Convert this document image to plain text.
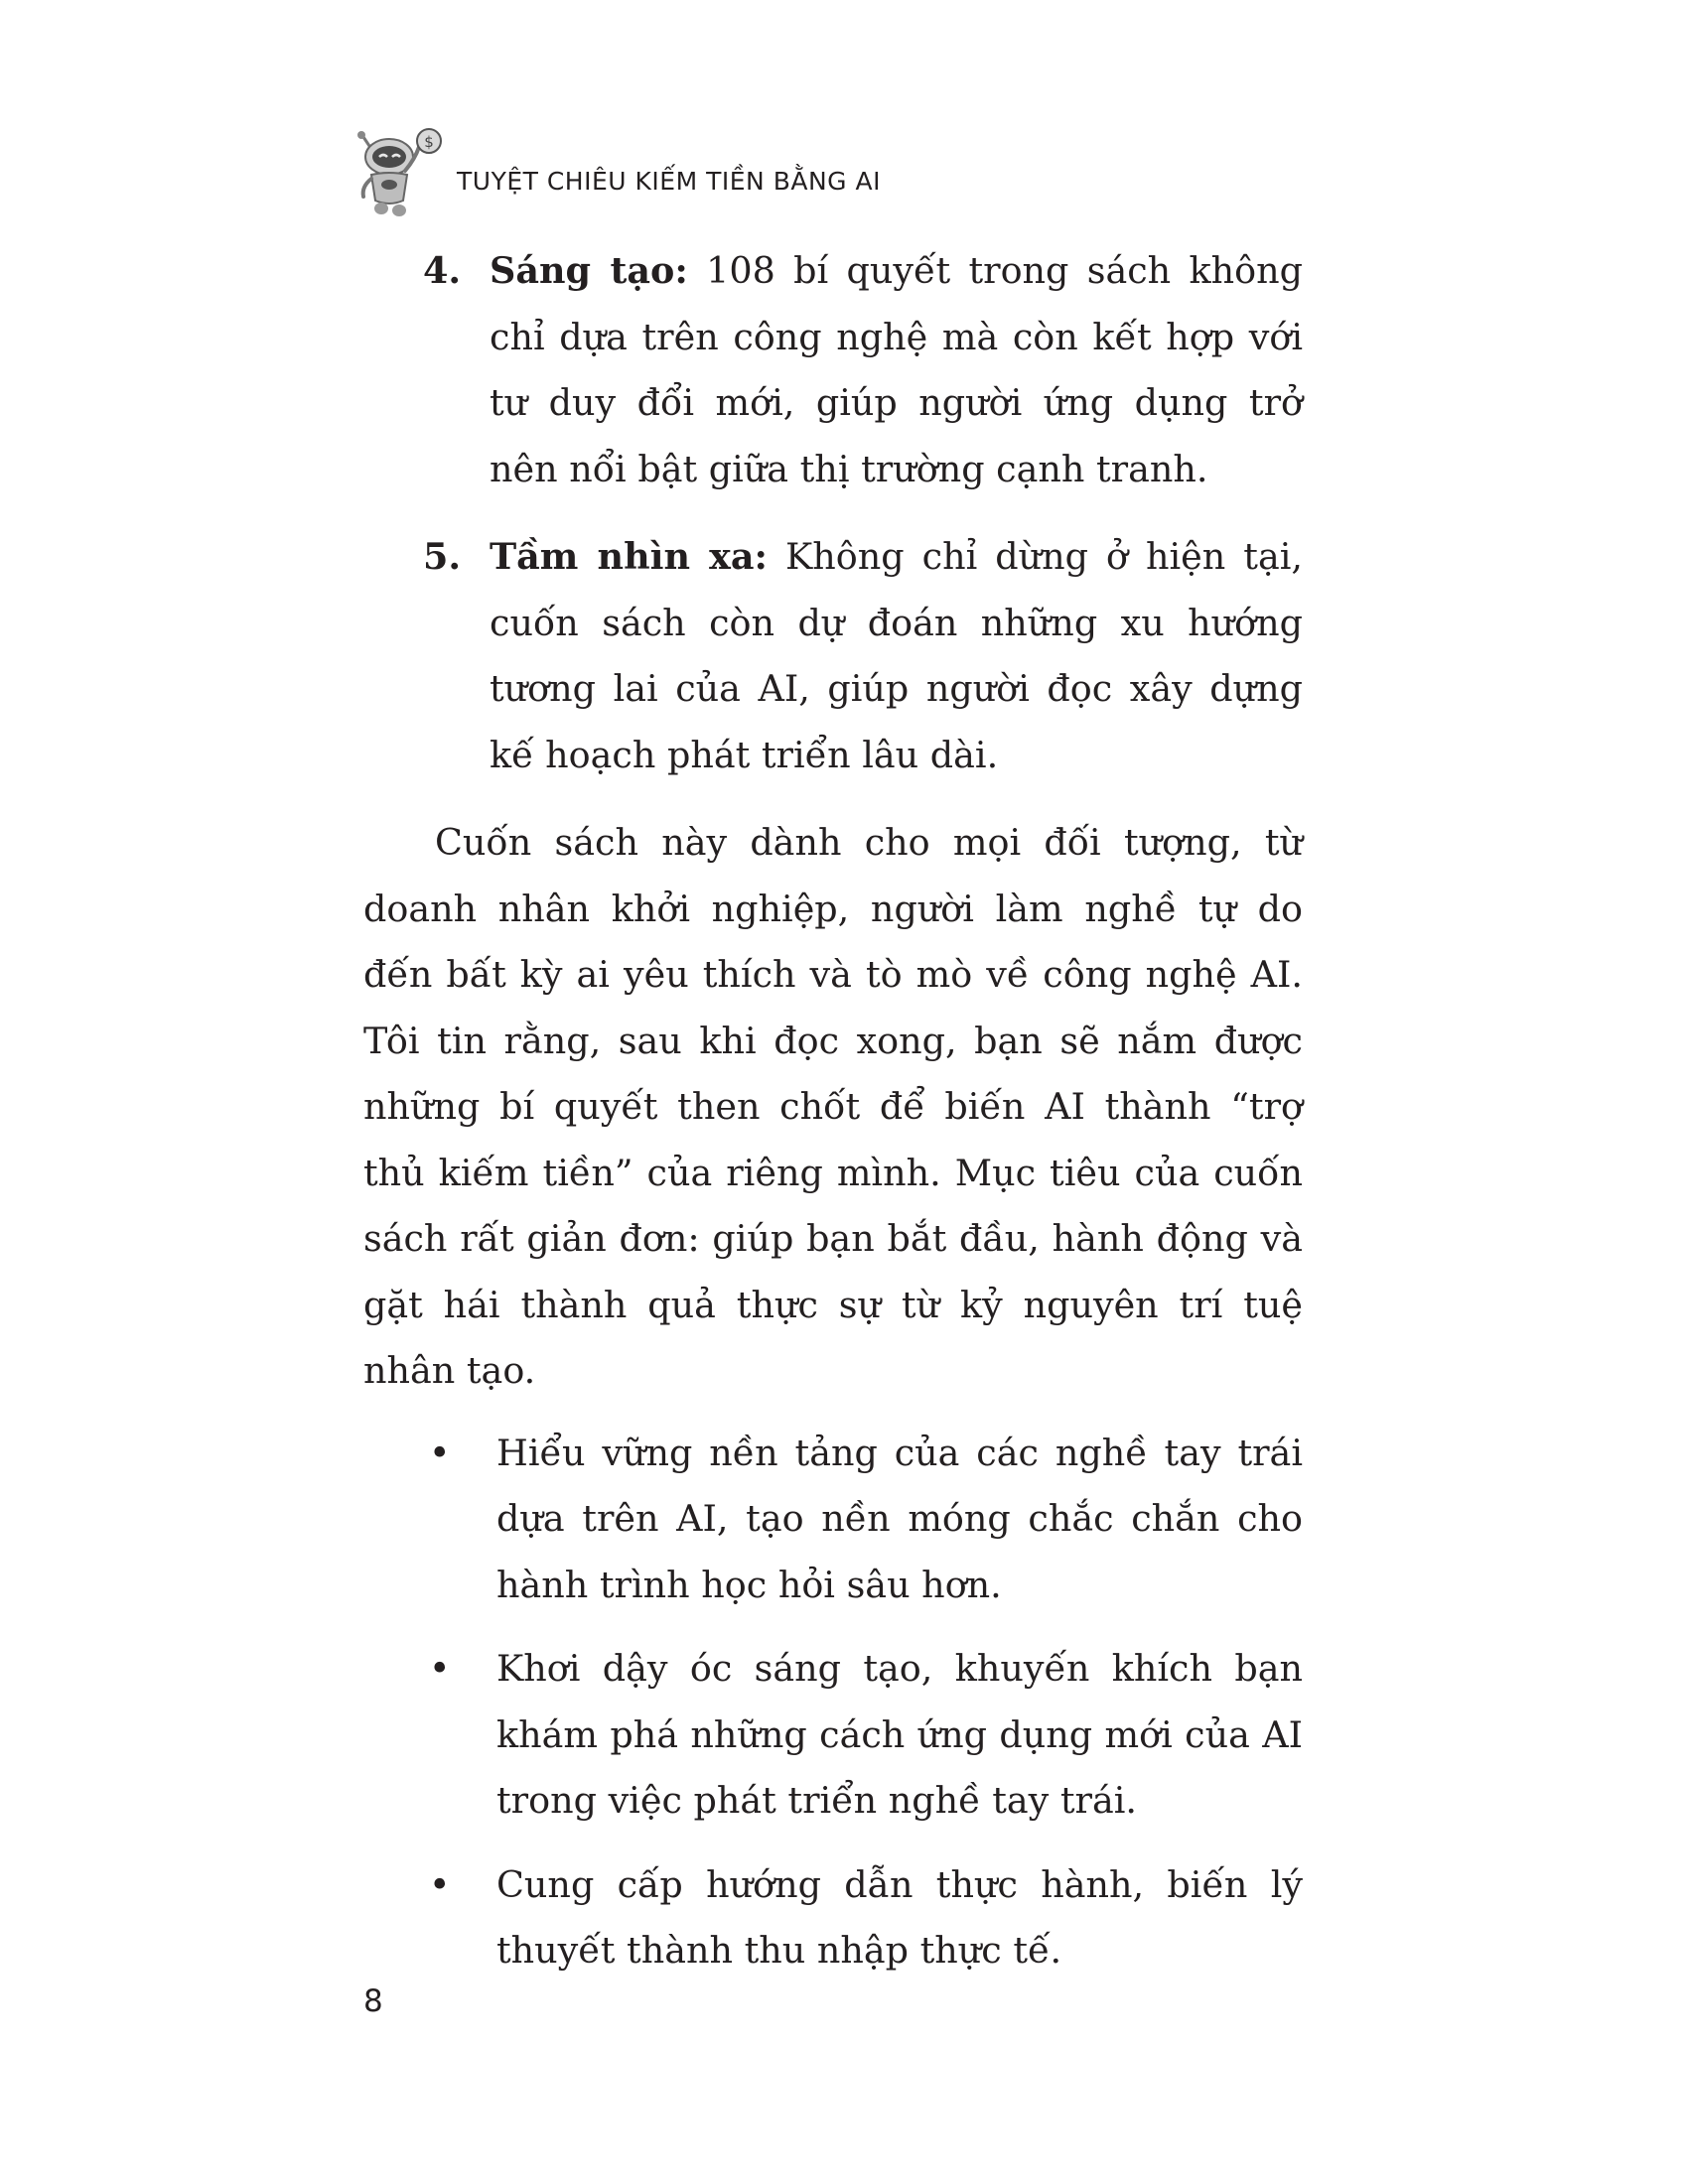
$
TUYỆT CHIÊU KIẾM TIỀN BẰNG AI
4. Sáng tạo: 108 bí quyết trong sách không chỉ dựa trên công nghệ mà còn kết hợp với tư duy đổi mới, giúp người ứng dụng trở nên nổi bật giữa thị trường cạnh tranh.
5. Tầm nhìn xa: Không chỉ dừng ở hiện tại, cuốn sách còn dự đoán những xu hướng tương lai của AI, giúp người đọc xây dựng kế hoạch phát triển lâu dài.

Cuốn sách này dành cho mọi đối tượng, từ doanh nhân khởi nghiệp, người làm nghề tự do đến bất kỳ ai yêu thích và tò mò về công nghệ AI. Tôi tin rằng, sau khi đọc xong, bạn sẽ nắm được những bí quyết then chốt để biến AI thành “trợ thủ kiếm tiền” của riêng mình. Mục tiêu của cuốn sách rất giản đơn: giúp bạn bắt đầu, hành động và gặt hái thành quả thực sự từ kỷ nguyên trí tuệ nhân tạo.

• Hiểu vững nền tảng của các nghề tay trái dựa trên AI, tạo nền móng chắc chắn cho hành trình học hỏi sâu hơn.
• Khơi dậy óc sáng tạo, khuyến khích bạn khám phá những cách ứng dụng mới của AI trong việc phát triển nghề tay trái.
• Cung cấp hướng dẫn thực hành, biến lý thuyết thành thu nhập thực tế.
8
